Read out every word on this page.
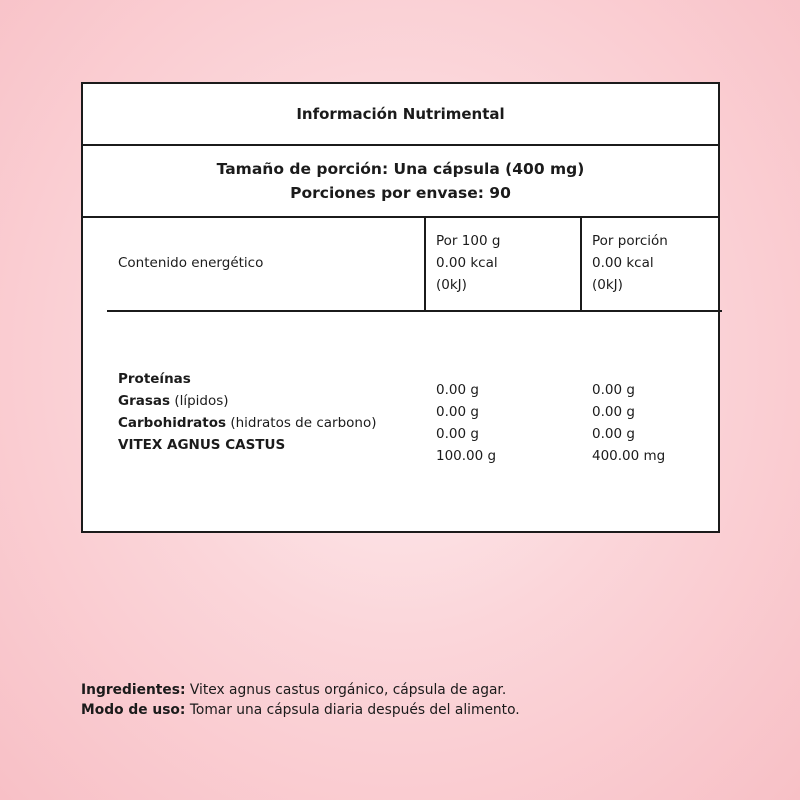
Información Nutrimental
Tamaño de porción: Una cápsula (400 mg)
Porciones por envase: 90
Contenido energético
Por 100 g
0.00 kcal
(0kJ)
Por porción
0.00 kcal
(0kJ)
Proteínas
Grasas (lípidos)
Carbohidratos (hidratos de carbono)
VITEX AGNUS CASTUS
0.00 g
0.00 g
0.00 g
100.00 g
0.00 g
0.00 g
0.00 g
400.00 mg
Ingredientes: Vitex agnus castus orgánico, cápsula de agar.
Modo de uso: Tomar una cápsula diaria después del alimento.
